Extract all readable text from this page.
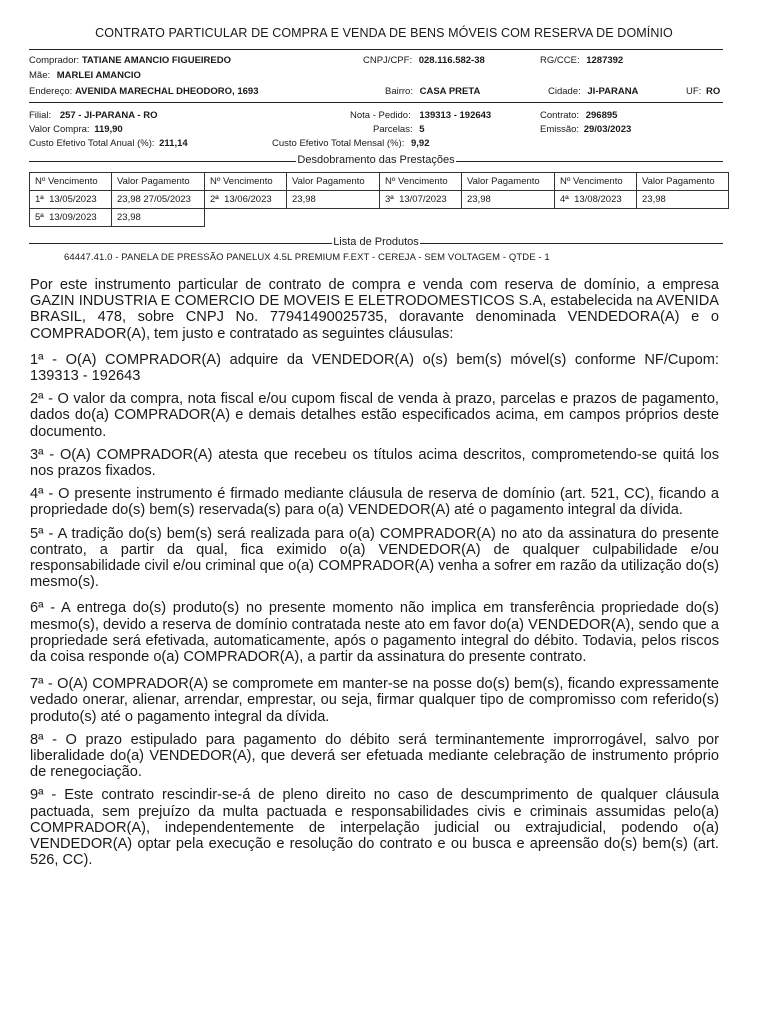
CONTRATO PARTICULAR DE COMPRA E VENDA DE BENS MÓVEIS COM RESERVA DE DOMÍNIO
Comprador: TATIANE AMANCIO FIGUEIREDO	CNPJ/CPF: 028.116.582-38	RG/CCE: 1287392
Mãe: MARLEI AMANCIO
Endereço: AVENIDA MARECHAL DHEODORO, 1693	Bairro: CASA PRETA	Cidade: JI-PARANA	UF: RO
Filial: 257 - JI-PARANA - RO	Nota - Pedido: 139313 - 192643	Contrato: 296895
Valor Compra: 119,90	Parcelas: 5	Emissão: 29/03/2023
Custo Efetivo Total Anual (%): 211,14	Custo Efetivo Total Mensal (%): 9,92
Desdobramento das Prestações
Nº Vencimento	Valor Pagamento	Nº Vencimento	Valor Pagamento	Nº Vencimento	Valor Pagamento	Nº Vencimento	Valor Pagamento
1ª 13/05/2023	23,98 27/05/2023	2ª 13/06/2023	23,98	3ª 13/07/2023	23,98	4ª 13/08/2023	23,98
5ª 13/09/2023	23,98						
Lista de Produtos
64447.41.0 - PANELA DE PRESSÃO PANELUX 4.5L PREMIUM F.EXT - CEREJA - SEM VOLTAGEM - QTDE - 1

Por este instrumento particular de contrato de compra e venda com reserva de domínio, a empresa GAZIN INDUSTRIA E COMERCIO DE MOVEIS E ELETRODOMESTICOS S.A, estabelecida na AVENIDA BRASIL, 478, sobre CNPJ No. 77941490025735, doravante denominada VENDEDORA(A) e o COMPRADOR(A), tem justo e contratado as seguintes cláusulas:

1ª - O(A) COMPRADOR(A) adquire da VENDEDOR(A) o(s) bem(s) móvel(s) conforme NF/Cupom: 139313 - 192643

2ª - O valor da compra, nota fiscal e/ou cupom fiscal de venda à prazo, parcelas e prazos de pagamento, dados do(a) COMPRADOR(A) e demais detalhes estão especificados acima, em campos próprios deste documento.

3ª - O(A) COMPRADOR(A) atesta que recebeu os títulos acima descritos, comprometendo-se quitá los nos prazos fixados.

4ª - O presente instrumento é firmado mediante cláusula de reserva de domínio (art. 521, CC), ficando a propriedade do(s) bem(s) reservada(s) para o(a) VENDEDOR(A) até o pagamento integral da dívida.

5ª - A tradição do(s) bem(s) será realizada para o(a) COMPRADOR(A) no ato da assinatura do presente contrato, a partir da qual, fica eximido o(a) VENDEDOR(A) de qualquer culpabilidade e/ou responsabilidade civil e/ou criminal que o(a) COMPRADOR(A) venha a sofrer em razão da utilização do(s) mesmo(s).

6ª - A entrega do(s) produto(s) no presente momento não implica em transferência propriedade do(s) mesmo(s), devido a reserva de domínio contratada neste ato em favor do(a) VENDEDOR(A), sendo que a propriedade será efetivada, automaticamente, após o pagamento integral do débito. Todavia, pelos riscos da coisa responde o(a) COMPRADOR(A), a partir da assinatura do presente contrato.

7ª - O(A) COMPRADOR(A) se compromete em manter-se na posse do(s) bem(s), ficando expressamente vedado onerar, alienar, arrendar, emprestar, ou seja, firmar qualquer tipo de compromisso com referido(s) produto(s) até o pagamento integral da dívida.

8ª - O prazo estipulado para pagamento do débito será terminantemente improrrogável, salvo por liberalidade do(a) VENDEDOR(A), que deverá ser efetuada mediante celebração de instrumento próprio de renegociação.

9ª - Este contrato rescindir-se-á de pleno direito no caso de descumprimento de qualquer cláusula pactuada, sem prejuízo da multa pactuada e responsabilidades civis e criminais assumidas pelo(a) COMPRADOR(A), independentemente de interpelação judicial ou extrajudicial, podendo o(a) VENDEDOR(A) optar pela execução e resolução do contrato e ou busca e apreensão do(s) bem(s) (art. 526, CC).
